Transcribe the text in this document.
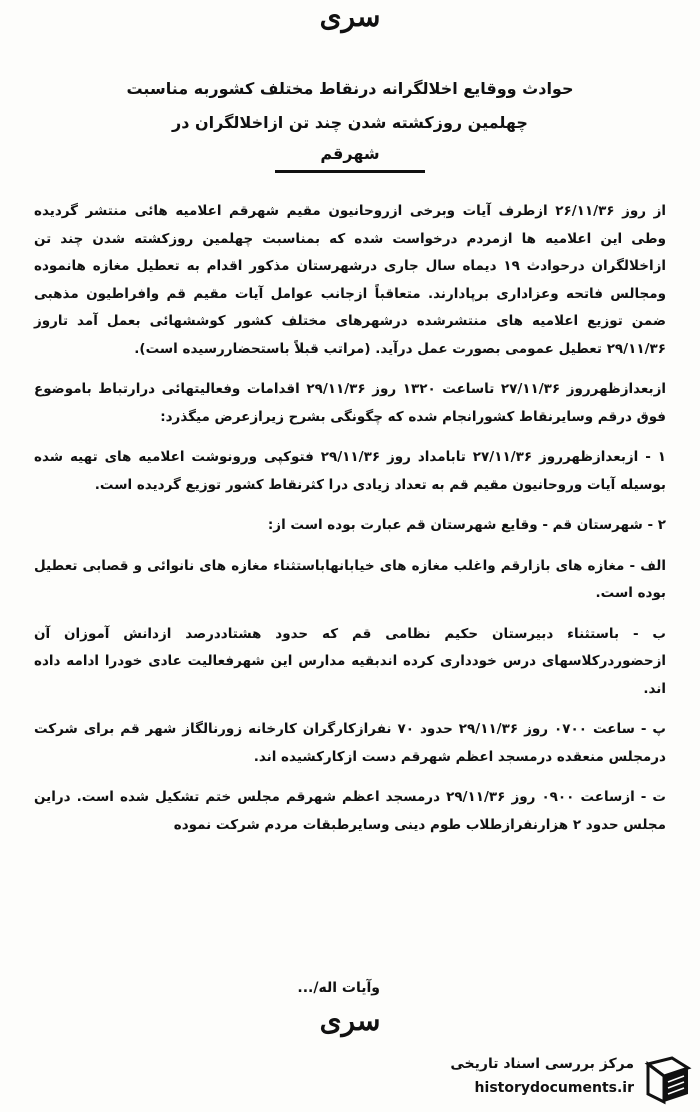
سری
حوادث ووقایع اخلالگرانه درنقاط مختلف کشوربه مناسبت
چهلمین روزکشته شدن چند تن ازاخلالگران در
شهرقم

از روز ۲۶/۱۱/۳۶ ازطرف آیات وبرخی ازروحانیون مقیم شهرقم اعلامیه هائی منتشر گردیده وطی این اعلامیه ها ازمردم درخواست شده که بمناسبت چهلمین روزکشته شدن چند تن ازاخلالگران درحوادث ۱۹ دیماه سال جاری درشهرستان مذکور اقدام به تعطیل مغازه هانموده ومجالس فاتحه وعزاداری برپادارند. متعاقباً ازجانب عوامل آیات مقیم قم وافراطیون مذهبی ضمن توزیع اعلامیه های منتشرشده درشهرهای مختلف کشور کوششهائی بعمل آمد تاروز ۲۹/۱۱/۳۶ تعطیل عمومی بصورت عمل درآید. (مراتب قبلاً باستحضاررسیده است).

ازبعدازظهرروز ۲۷/۱۱/۳۶ تاساعت ۱۳۲۰ روز ۲۹/۱۱/۳۶ اقدامات وفعالیتهائی درارتباط باموضوع فوق درقم وسایرنقاط کشورانجام شده که چگونگی بشرح زیرازعرض میگذرد:

۱ - ازبعدازظهرروز ۲۷/۱۱/۳۶ تابامداد روز ۲۹/۱۱/۳۶ فتوکپی ورونوشت اعلامیه های تهیه شده بوسیله آیات وروحانیون مقیم قم به تعداد زیادی درا کثرنقاط کشور توزیع گردیده است.

۲ - شهرستان قم - وقایع شهرستان قم عبارت بوده است از:

الف - مغازه های بازارقم واغلب مغازه های خیابانهاباستثناء مغازه های نانوائی و قصابی تعطیل بوده است.

ب - باستثناء دبیرستان حکیم نظامی قم که حدود هشتاددرصد ازدانش آموزان آن ازحضوردرکلاسهای درس خودداری کرده اندبقیه مدارس این شهرفعالیت عادی خودرا ادامه داده اند.

پ - ساعت ۰۷۰۰ روز ۲۹/۱۱/۳۶ حدود ۷۰ نفرازکارگران کارخانه زورنالگاز شهر قم برای شرکت درمجلس منعقده درمسجد اعظم شهرقم دست ازکارکشیده اند.

ت - ازساعت ۰۹۰۰ روز ۲۹/۱۱/۳۶ درمسجد اعظم شهرقم مجلس ختم تشکیل شده است. دراین مجلس حدود ۲ هزارنفرازطلاب طوم دینی وسایرطبقات مردم شرکت نموده

وآیات اله/...
سری
مرکز بررسی اسناد تاریخی
historydocuments.ir
